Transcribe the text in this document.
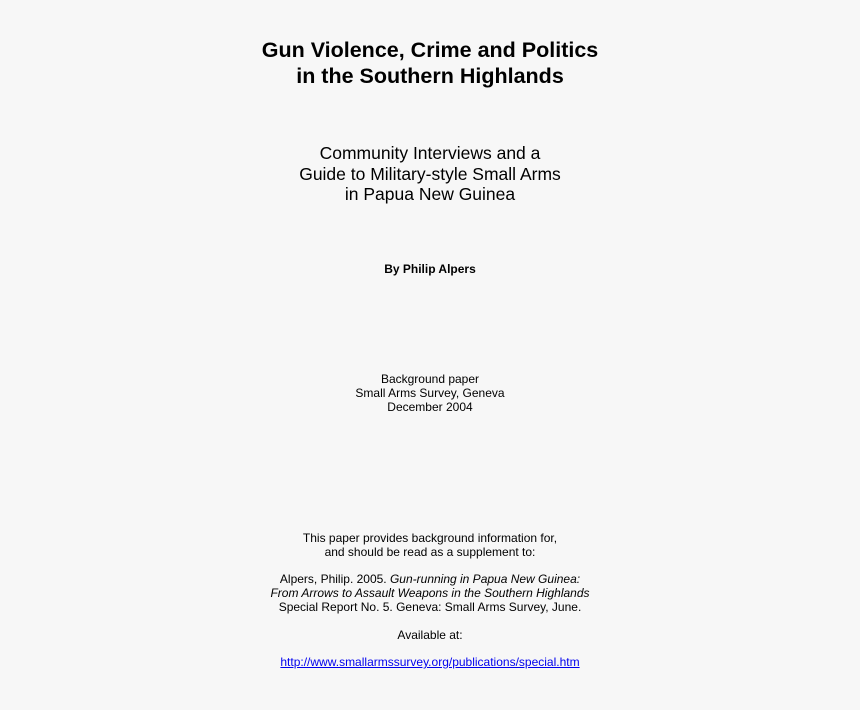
Gun Violence, Crime and Politics
in the Southern Highlands
Community Interviews and a
Guide to Military-style Small Arms
in Papua New Guinea
By Philip Alpers
Background paper
Small Arms Survey, Geneva
December 2004
This paper provides background information for,
and should be read as a supplement to:
Alpers, Philip. 2005. Gun-running in Papua New Guinea:
From Arrows to Assault Weapons in the Southern Highlands
Special Report No. 5. Geneva: Small Arms Survey, June.
Available at:
http://www.smallarmssurvey.org/publications/special.htm
